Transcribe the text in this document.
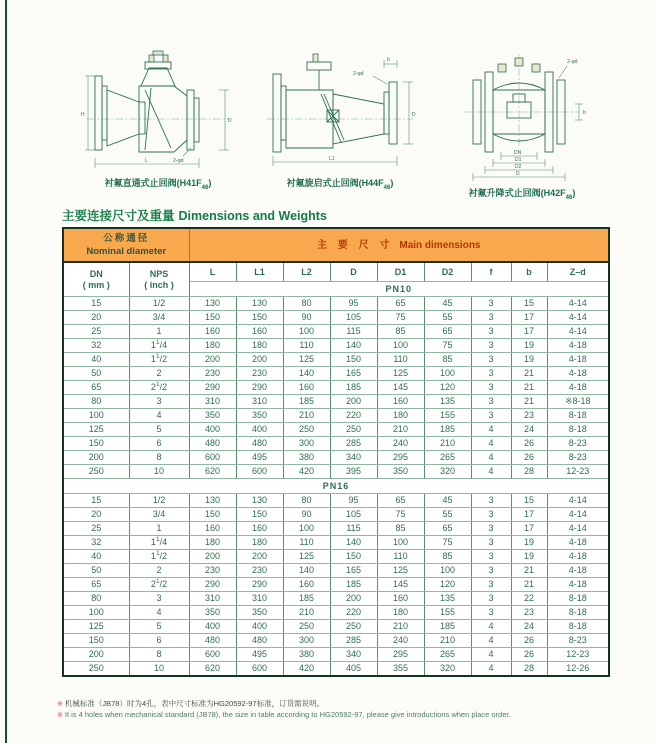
H
L
D
2-φd
衬氟直通式止回阀$(H41F_{46})$
b
2-φd
L1
D
衬氟旋启式止回阀$(H44F_{46})$
DN
D1
D2
D
b
2-φd
衬氟升降式止回阀$(H42F_{46})$
主要连接尺寸及重量 Dimensions and Weights
公称通径
Nominal diameter		主 要 尺 寸 Main dimensions								

DN
( mm )

NPS
( inch )
	L	L1	L2	D	D1	D2	f	b	Z–d
		PN10								
15	1/2	130	130	80	95	65	45	3	15	4-14
20	3/4	150	150	90	105	75	55	3	17	4-14
25	1	160	160	100	115	85	65	3	17	4-14
32	$1^1/4$	180	180	110	140	100	75	3	19	4-18
40	$1^1/2$	200	200	125	150	110	85	3	19	4-18
50	2	230	230	140	165	125	100	3	21	4-18
65	$2^1/2$	290	290	160	185	145	120	3	21	4-18
80	3	310	310	185	200	160	135	3	21	※8-18
100	4	350	350	210	220	180	155	3	23	8-18
125	5	400	400	250	250	210	185	4	24	8-18
150	6	480	480	300	285	240	210	4	26	8-23
200	8	600	495	380	340	295	265	4	26	8-23
250	10	620	600	420	395	350	320	4	28	12-23
PN16										
15	1/2	130	130	80	95	65	45	3	15	4-14
20	3/4	150	150	90	105	75	55	3	17	4-14
25	1	160	160	100	115	85	65	3	17	4-14
32	$1^1/4$	180	180	110	140	100	75	3	19	4-18
40	$1^1/2$	200	200	125	150	110	85	3	19	4-18
50	2	230	230	140	165	125	100	3	21	4-18
65	$2^1/2$	290	290	160	185	145	120	3	21	4-18
80	3	310	310	185	200	160	135	3	22	8-18
100	4	350	350	210	220	180	155	3	23	8-18
125	5	400	400	250	250	210	185	4	24	8-18
150	6	480	480	300	285	240	210	4	26	8-23
200	8	600	495	380	340	295	265	4	26	12-23
250	10	620	600	420	405	355	320	4	28	12-26
※ 机械标准（JB78）时为4孔，表中尺寸标准为HG20592-97标准，订货需说明。
※ It is 4 holes when mechanical standard (JB78), the size in table according to HG20592-97, please give introductions when place order.
